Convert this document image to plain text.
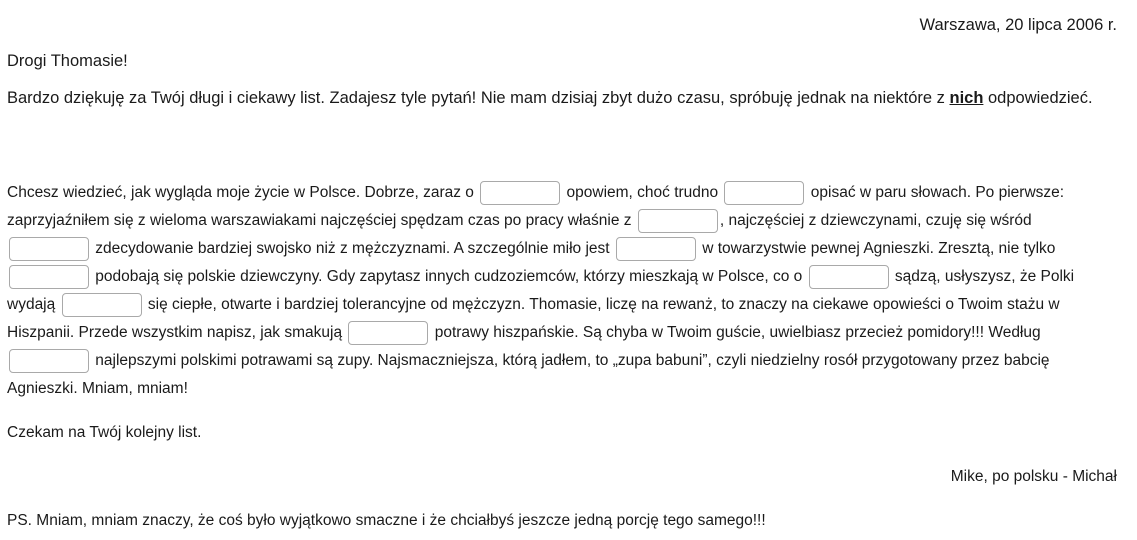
Warszawa, 20 lipca 2006 r.
Drogi Thomasie!
Bardzo dziękuję za Twój długi i ciekawy list. Zadajesz tyle pytań! Nie mam dzisiaj zbyt dużo czasu, spróbuję jednak na niektóre z nich odpowiedzieć.
Chcesz wiedzieć, jak wygląda moje życie w Polsce. Dobrze, zaraz o	opowiem, choć trudno	opisać w paru słowach. Po pierwsze: zaprzyjaźniłem się z wieloma warszawiakami najczęściej spędzam czas po pracy właśnie z	, najczęściej z dziewczynami, czuję się wśród  zdecydowanie bardziej swojsko niż z mężczyznami. A szczególnie miło jest	w towarzystwie pewnej Agnieszki. Zresztą, nie tylko  podobają się polskie dziewczyny. Gdy zapytasz innych cudzoziemców, którzy mieszkają w Polsce, co o	sądzą, usłyszysz, że Polki wydają	się ciepłe, otwarte i bardziej tolerancyjne od mężczyzn. Thomasie, liczę na rewanż, to znaczy na ciekawe opowieści o Twoim stażu w Hiszpanii. Przede wszystkim napisz, jak smakują	potrawy hiszpańskie. Są chyba w Twoim guście, uwielbiasz przecież pomidory!!! Według  najlepszymi polskimi potrawami są zupy. Najsmaczniejsza, którą jadłem, to „zupa babuni”, czyli niedzielny rosół przygotowany przez babcię Agnieszki. Mniam, mniam!
Czekam na Twój kolejny list.
Mike, po polsku - Michał
PS. Mniam, mniam znaczy, że coś było wyjątkowo smaczne i że chciałbyś jeszcze jedną porcję tego samego!!!
